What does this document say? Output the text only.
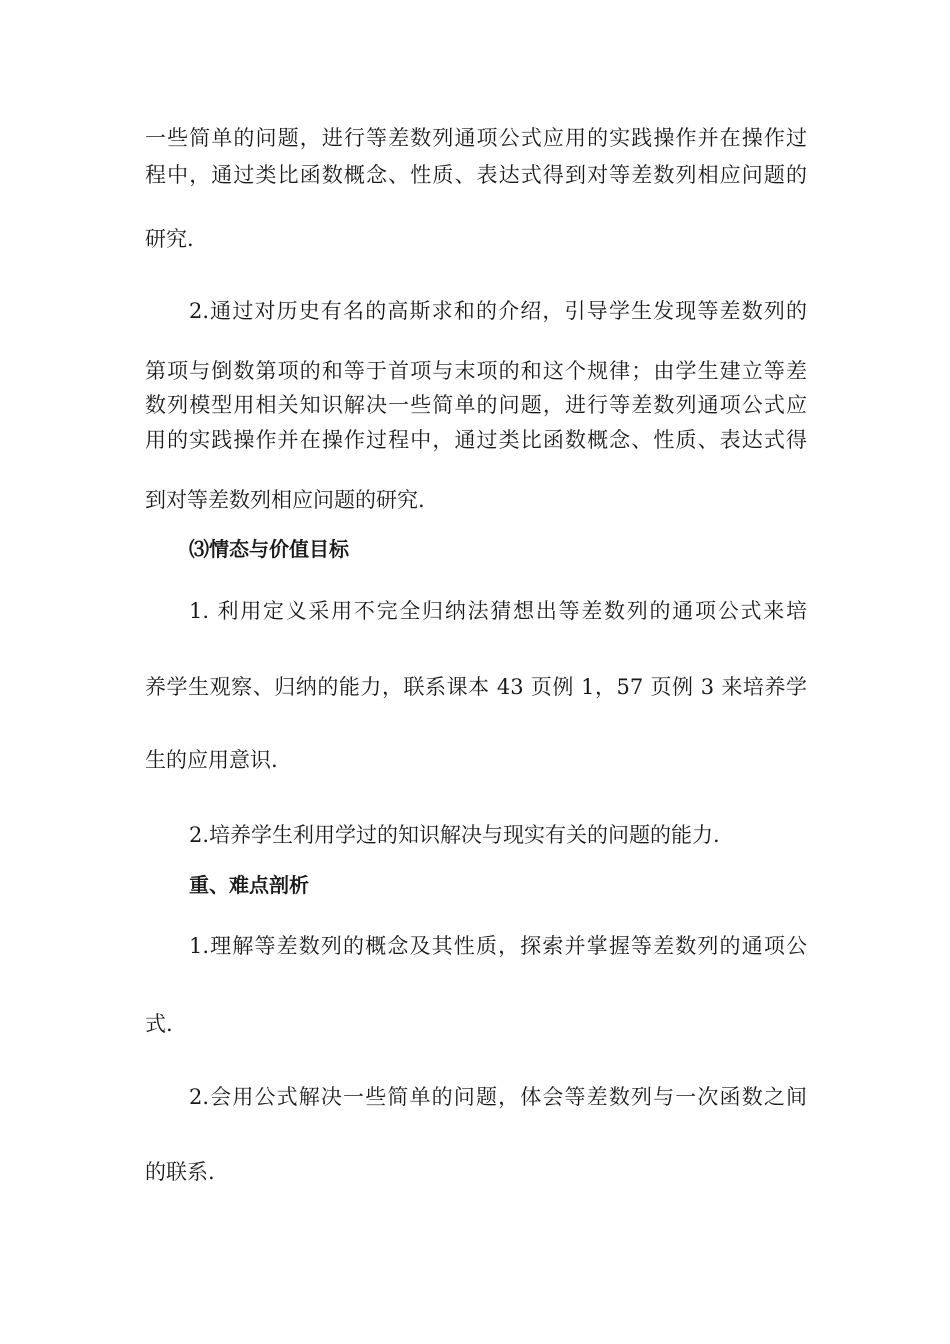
一些简单的问题，进行等差数列通项公式应用的实践操作并在操作过
程中，通过类比函数概念、性质、表达式得到对等差数列相应问题的
研究.
2.通过对历史有名的高斯求和的介绍，引导学生发现等差数列的
第项与倒数第项的和等于首项与末项的和这个规律；由学生建立等差
数列模型用相关知识解决一些简单的问题，进行等差数列通项公式应
用的实践操作并在操作过程中，通过类比函数概念、性质、表达式得
到对等差数列相应问题的研究.
⑶情态与价值目标
1. 利用定义采用不完全归纳法猜想出等差数列的通项公式来培
养学生观察、归纳的能力，联系课本 43 页例 1，57 页例 3 来培养学
生的应用意识.
2.培养学生利用学过的知识解决与现实有关的问题的能力.
重、难点剖析
1.理解等差数列的概念及其性质，探索并掌握等差数列的通项公
式.
2.会用公式解决一些简单的问题，体会等差数列与一次函数之间
的联系.
